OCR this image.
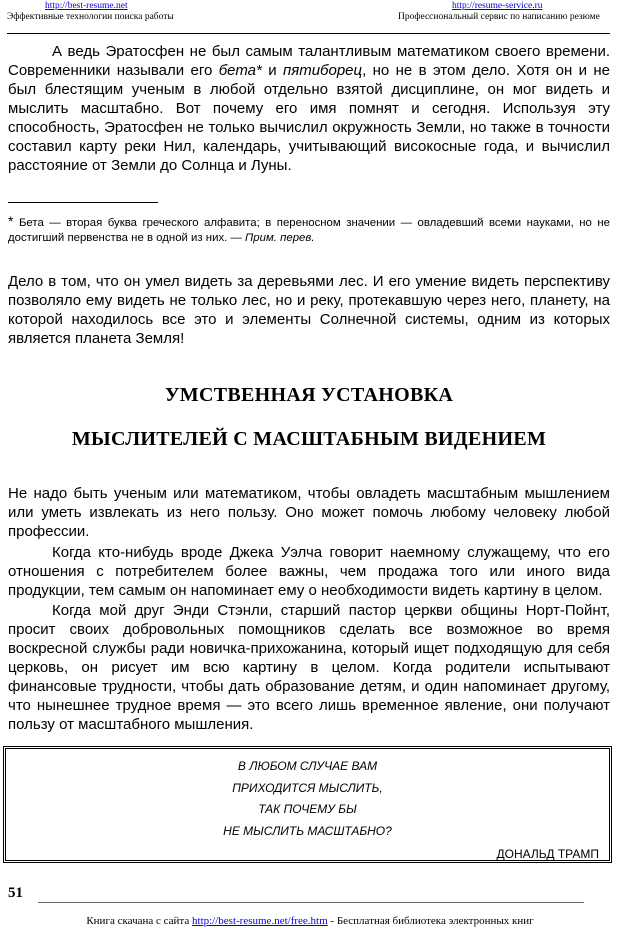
http://best-resume.net
Эффективные технологии поиска работы
http://resume-service.ru
Профессиональный сервис по написанию резюме

А ведь Эратосфен не был самым талантливым математиком своего времени. Современники называли его бета* и пятиборец, но не в этом дело. Хотя он и не был блестящим ученым в любой отдельно взятой дисциплине, он мог видеть и мыслить масштабно. Вот почему его имя помнят и сегодня. Используя эту способность, Эратосфен не только вычислил окружность Земли, но также в точности составил карту реки Нил, календарь, учитывающий високосные года, и вычислил расстояние от Земли до Солнца и Луны.

* Бета — вторая буква греческого алфавита; в переносном значении — овладевший всеми науками, но не достигший первенства не в одной из них. — Прим. перев.

Дело в том, что он умел видеть за деревьями лес. И его умение видеть перспективу позволяло ему видеть не только лес, но и реку, протекавшую через него, планету, на которой находилось все это и элементы Солнечной системы, одним из которых является планета Земля!

УМСТВЕННАЯ УСТАНОВКА
МЫСЛИТЕЛЕЙ С МАСШТАБНЫМ ВИДЕНИЕМ

Не надо быть ученым или математиком, чтобы овладеть масштабным мышлением или уметь извлекать из него пользу. Оно может помочь любому человеку любой профессии.

Когда кто-нибудь вроде Джека Уэлча говорит наемному служащему, что его отношения с потребителем более важны, чем продажа того или иного вида продукции, тем самым он напоминает ему о необходимости видеть картину в целом.

Когда мой друг Энди Стэнли, старший пастор церкви общины Норт-Пойнт, просит своих добровольных помощников сделать все возможное во время воскресной службы ради новичка-прихожанина, который ищет подходящую для себя церковь, он рисует им всю картину в целом. Когда родители испытывают финансовые трудности, чтобы дать образование детям, и один напоминает другому, что нынешнее трудное время — это всего лишь временное явление, они получают пользу от масштабного мышления.

В ЛЮБОМ СЛУЧАЕ ВАМ
ПРИХОДИТСЯ МЫСЛИТЬ,
ТАК ПОЧЕМУ БЫ
НЕ МЫСЛИТЬ МАСШТАБНО?
ДОНАЛЬД ТРАМП
51
Книга скачана с сайта http://best-resume.net/free.htm - Бесплатная библиотека электронных книг
